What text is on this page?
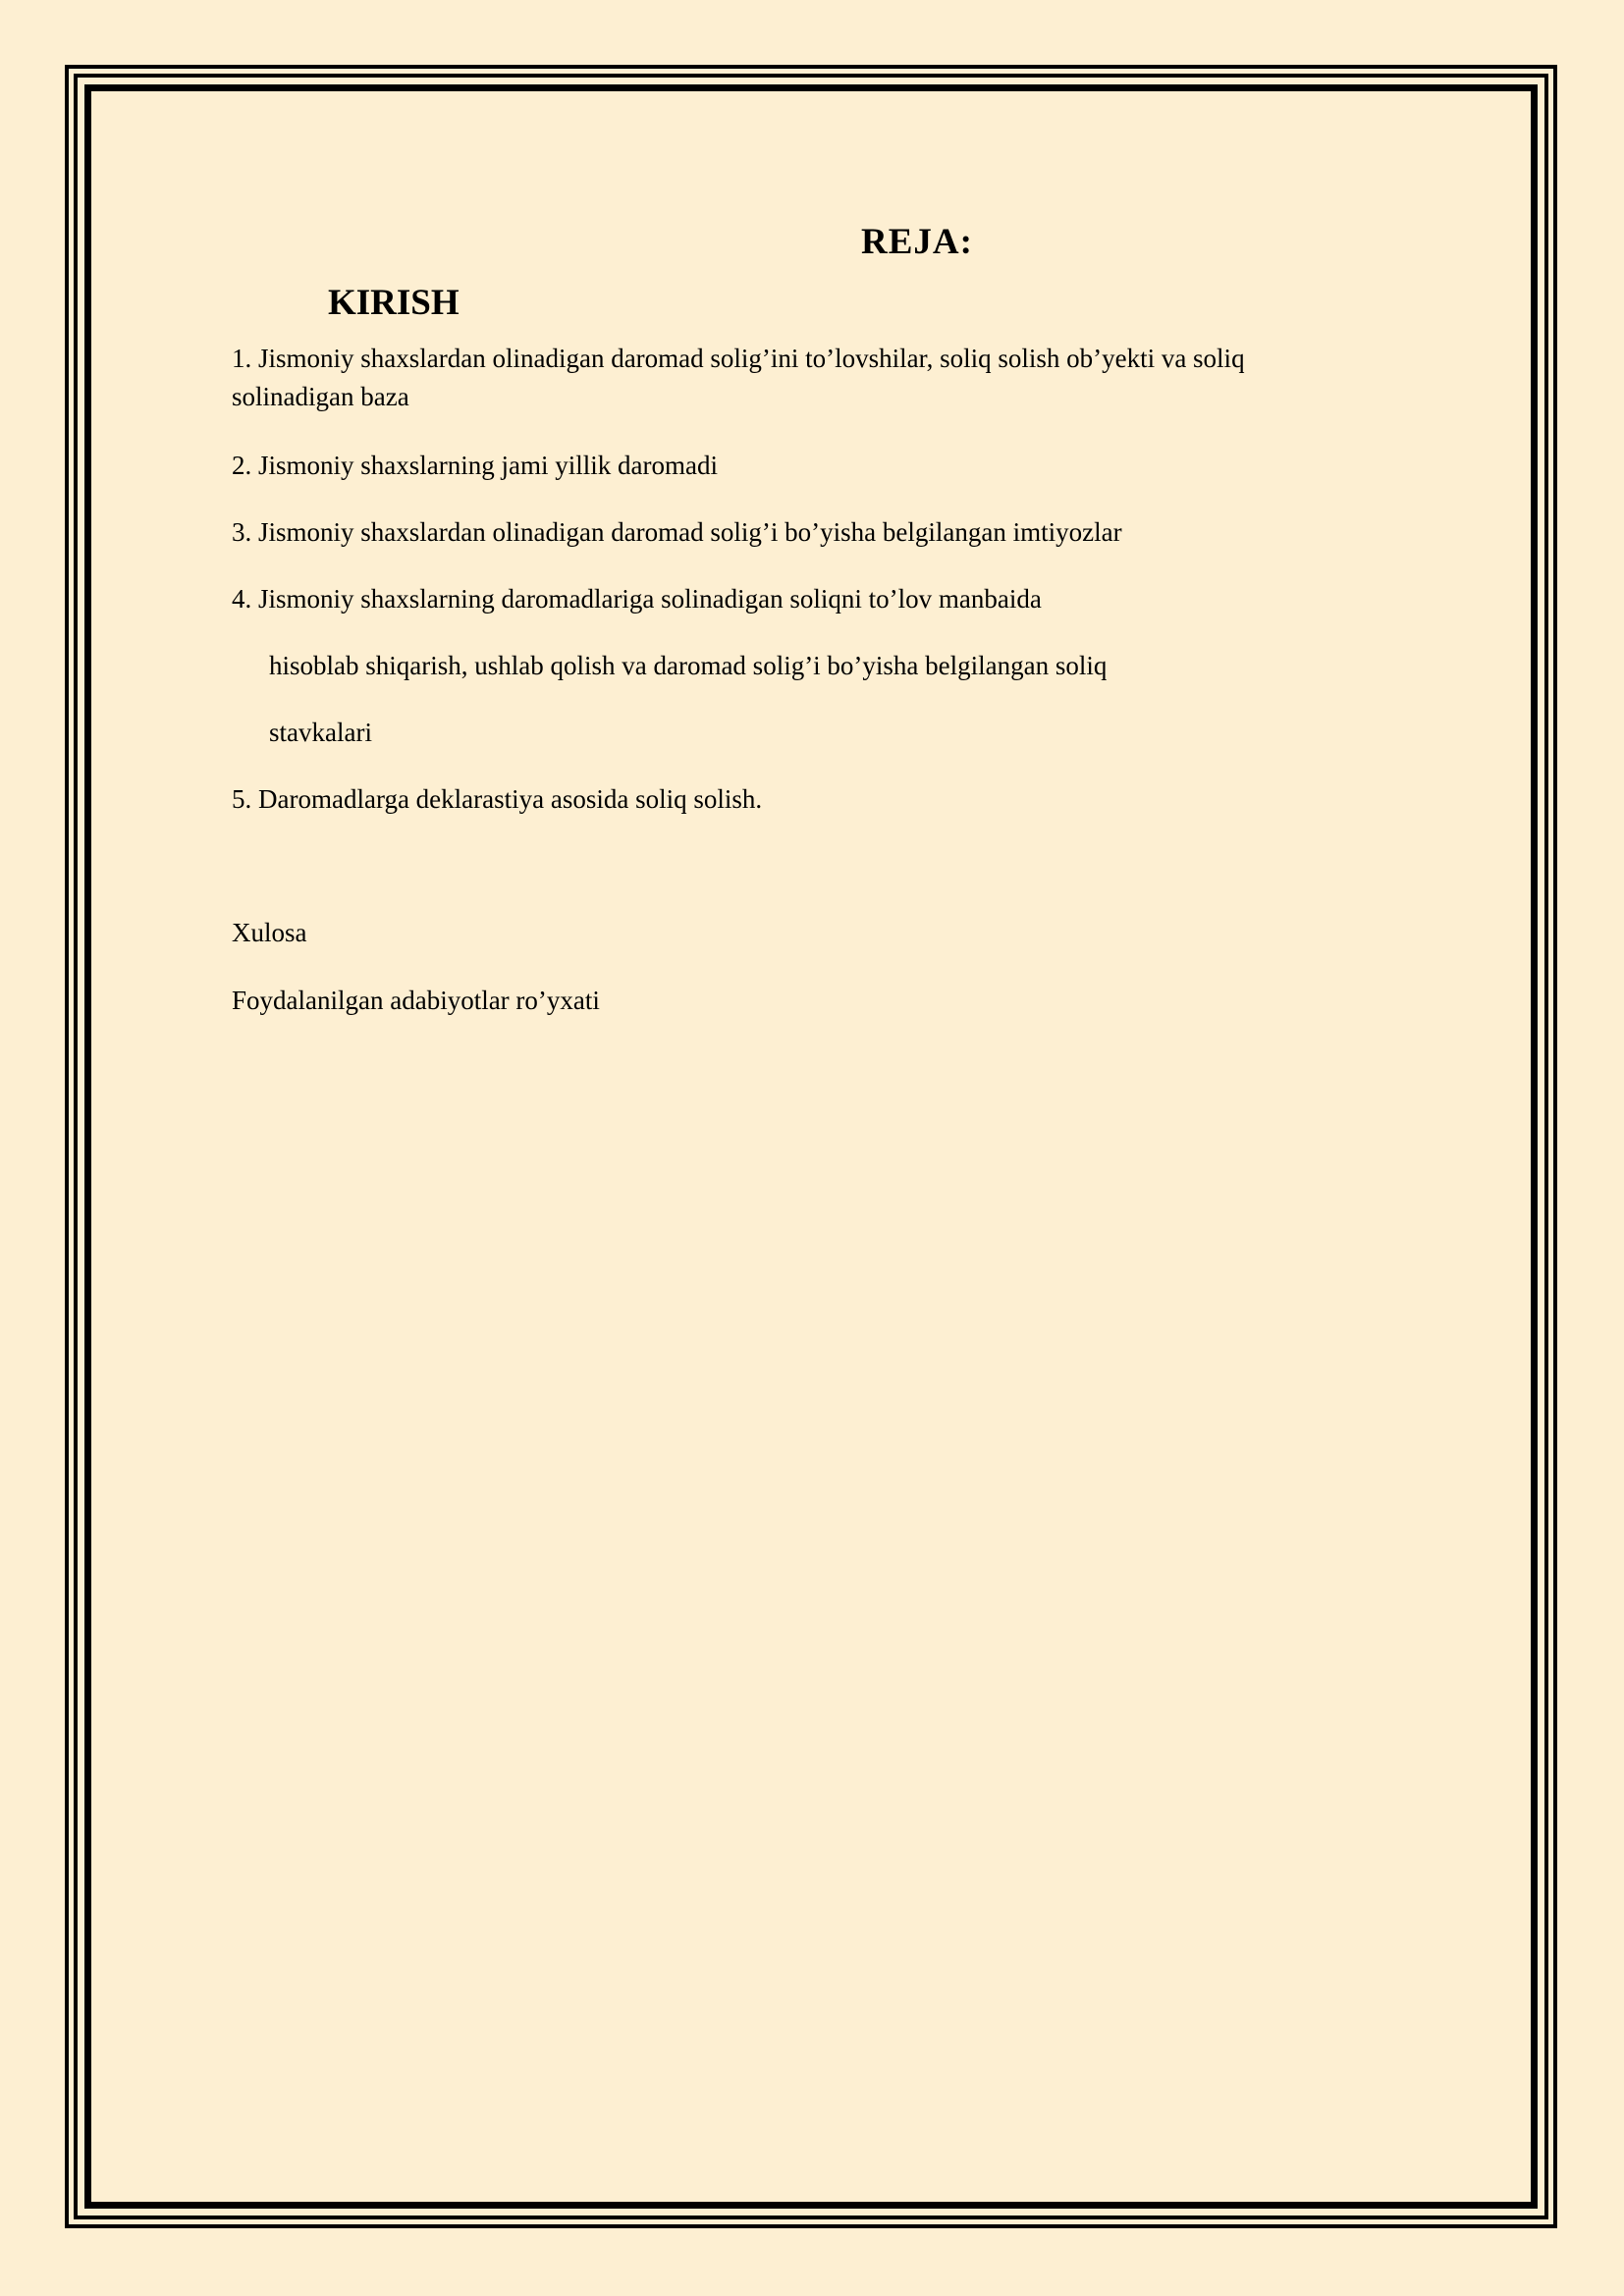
REJA:
KIRISH
1. Jismoniy shaxslardan olinadigan daromad solig’ini to’lovshilar, soliq solish ob’yekti va soliq
solinadigan baza
2. Jismoniy shaxslarning jami yillik daromadi
3. Jismoniy shaxslardan olinadigan daromad solig’i bo’yisha belgilangan imtiyozlar
4. Jismoniy shaxslarning daromadlariga solinadigan soliqni to’lov manbaida
hisoblab shiqarish, ushlab qolish va daromad solig’i bo’yisha belgilangan soliq
stavkalari
5. Daromadlarga deklarastiya asosida soliq solish.
Xulosa
Foydalanilgan adabiyotlar ro’yxati
